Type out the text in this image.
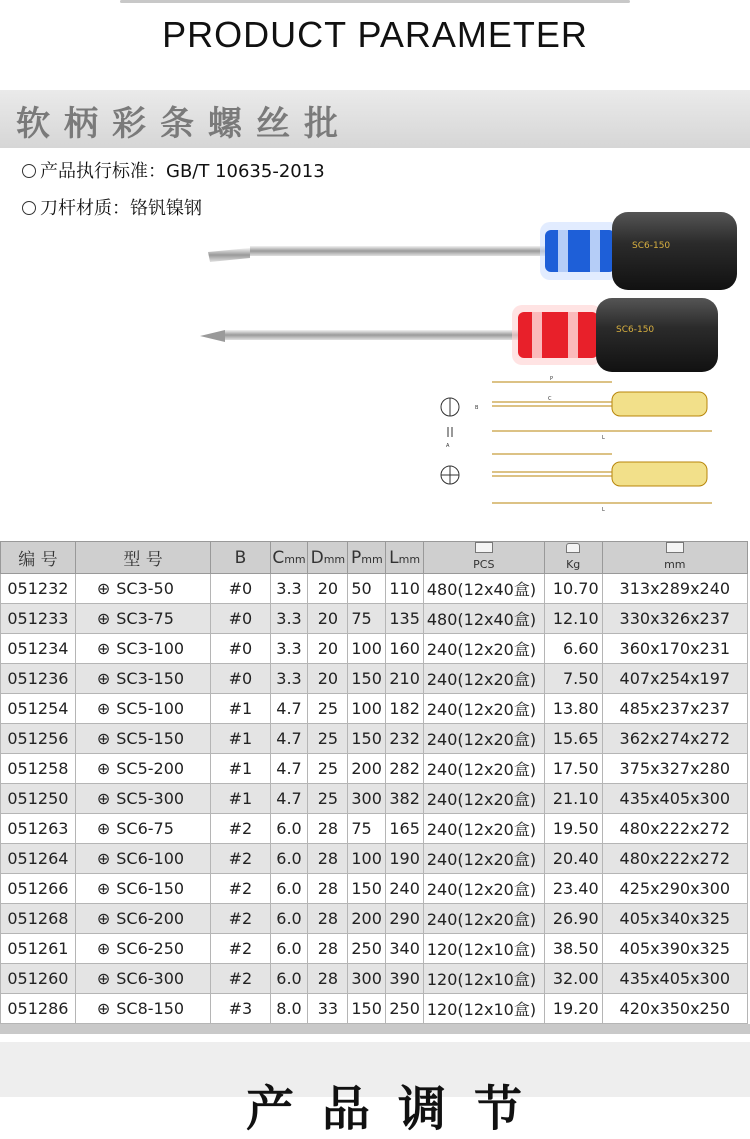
PRODUCT PARAMETER
软柄彩条螺丝批
产品执行标准：GB/T 10635-2013
刀杆材质：铬钒镍钢
SC6-150
SC6-150
A
B
P
C
L
L
编 号	型 号	B	Cmm	Dmm	Pmm	Lmm	PCS	Kg	mm
051232	⊕ SC3-50	#0	3.3	20	50	110	480(12x40盒)	10.70	313x289x240
051233	⊕ SC3-75	#0	3.3	20	75	135	480(12x40盒)	12.10	330x326x237
051234	⊕ SC3-100	#0	3.3	20	100	160	240(12x20盒)	6.60	360x170x231
051236	⊕ SC3-150	#0	3.3	20	150	210	240(12x20盒)	7.50	407x254x197
051254	⊕ SC5-100	#1	4.7	25	100	182	240(12x20盒)	13.80	485x237x237
051256	⊕ SC5-150	#1	4.7	25	150	232	240(12x20盒)	15.65	362x274x272
051258	⊕ SC5-200	#1	4.7	25	200	282	240(12x20盒)	17.50	375x327x280
051250	⊕ SC5-300	#1	4.7	25	300	382	240(12x20盒)	21.10	435x405x300
051263	⊕ SC6-75	#2	6.0	28	75	165	240(12x20盒)	19.50	480x222x272
051264	⊕ SC6-100	#2	6.0	28	100	190	240(12x20盒)	20.40	480x222x272
051266	⊕ SC6-150	#2	6.0	28	150	240	240(12x20盒)	23.40	425x290x300
051268	⊕ SC6-200	#2	6.0	28	200	290	240(12x20盒)	26.90	405x340x325
051261	⊕ SC6-250	#2	6.0	28	250	340	120(12x10盒)	38.50	405x390x325
051260	⊕ SC6-300	#2	6.0	28	300	390	120(12x10盒)	32.00	435x405x300
051286	⊕ SC8-150	#3	8.0	33	150	250	120(12x10盒)	19.20	420x350x250
产品调节
